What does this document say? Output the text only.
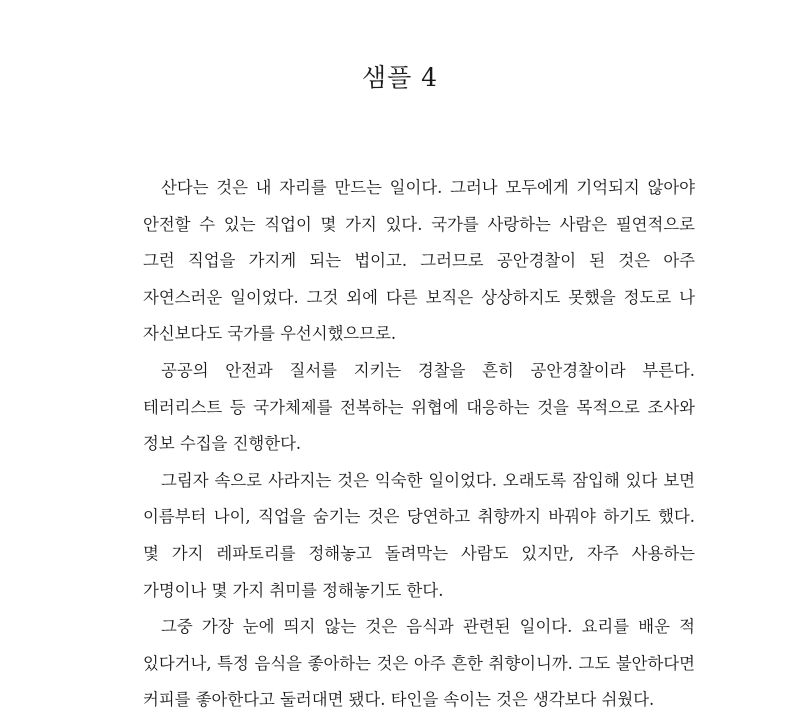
샘플 4

산다는 것은 내 자리를 만드는 일이다. 그러나 모두에게 기억되지 않아야 안전할 수 있는 직업이 몇 가지 있다. 국가를 사랑하는 사람은 필연적으로 그런 직업을 가지게 되는 법이고. 그러므로 공안경찰이 된 것은 아주 자연스러운 일이었다. 그것 외에 다른 보직은 상상하지도 못했을 정도로 나 자신보다도 국가를 우선시했으므로.

공공의 안전과 질서를 지키는 경찰을 흔히 공안경찰이라 부른다. 테러리스트 등 국가체제를 전복하는 위협에 대응하는 것을 목적으로 조사와 정보 수집을 진행한다.

그림자 속으로 사라지는 것은 익숙한 일이었다. 오래도록 잠입해 있다 보면 이름부터 나이, 직업을 숨기는 것은 당연하고 취향까지 바꿔야 하기도 했다. 몇 가지 레파토리를 정해놓고 돌려막는 사람도 있지만, 자주 사용하는 가명이나 몇 가지 취미를 정해놓기도 한다.

그중 가장 눈에 띄지 않는 것은 음식과 관련된 일이다. 요리를 배운 적 있다거나, 특정 음식을 좋아하는 것은 아주 흔한 취향이니까. 그도 불안하다면 커피를 좋아한다고 둘러대면 됐다. 타인을 속이는 것은 생각보다 쉬웠다.
